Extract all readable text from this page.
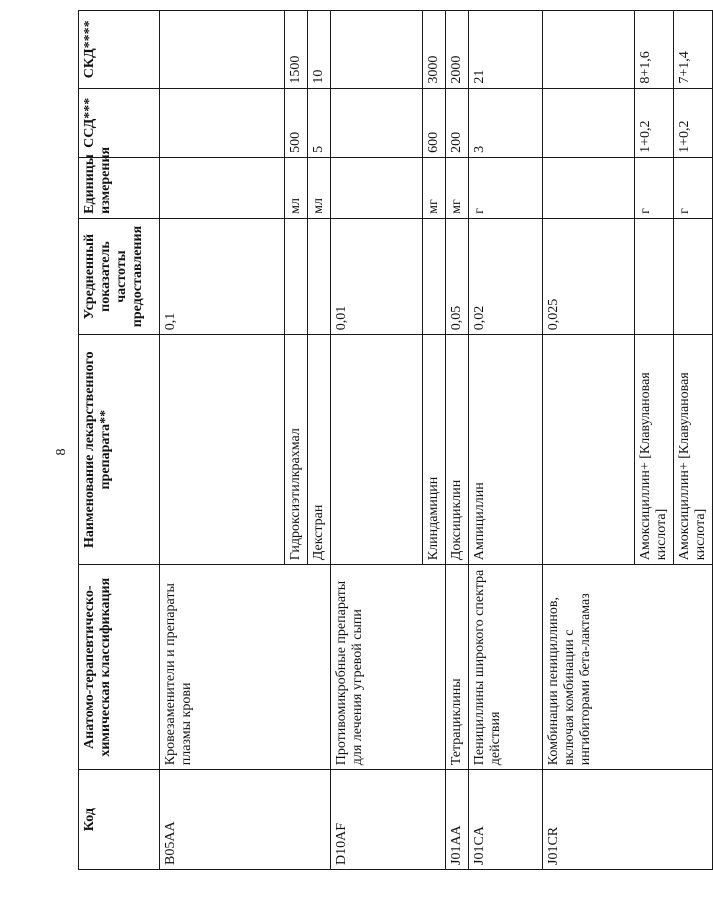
8
Код	Анатомо-терапевтическо-химическая классификация	Наименование лекарственного препарата**	Усредненный показатель частоты предоставления	Единицы измерения	ССД***	СКД****
B05AA	Кровезаменители и препараты плазмы крови		0,1			
		Гидроксиэтилкрахмал		мл	500	1500
		Декстран		мл	5	10
D10AF	Противомикробные препараты для лечения угревой сыпи		0,01			
		Клиндамицин		мг	600	3000
J01AA	Тетрациклины	Доксициклин	0,05	мг	200	2000
J01CA	Пенициллины широкого спектра действия	Ампициллин	0,02	г	3	21
J01CR	Комбинации пенициллинов, включая комбинации с ингибиторами бета-лактамаз		0,025			
		Амоксициллин+ [Клавулановая кислота]		г	1+0,2	8+1,6
		Амоксициллин+ [Клавулановая кислота]		г	1+0,2	7+1,4
